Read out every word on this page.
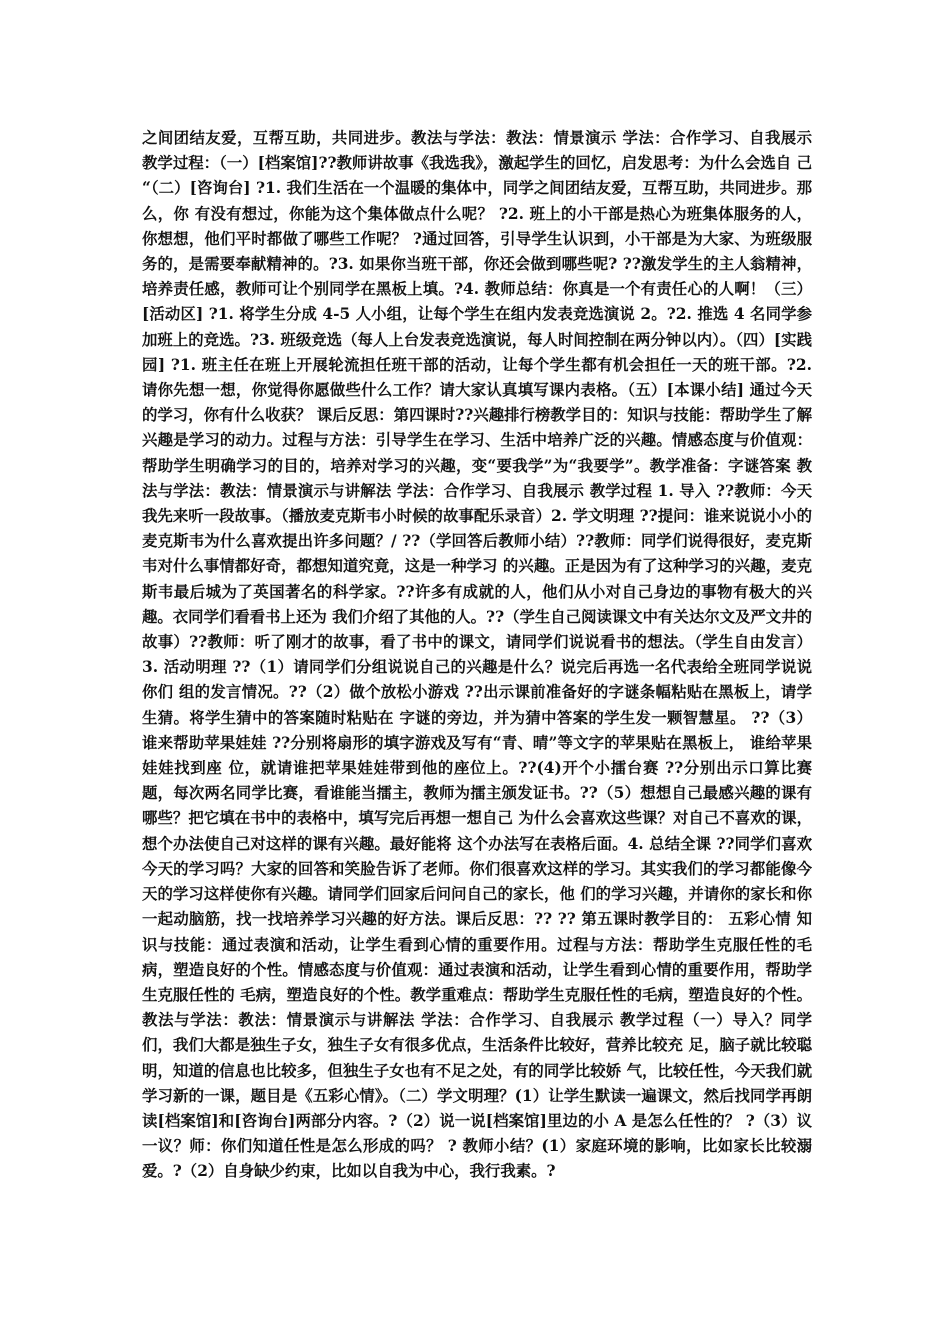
之间团结友爱，互帮互助，共同进步。教法与学法：教法：情景演示 学法：合作学习、自我展示 教学过程：（一）[档案馆]??教师讲故事《我选我》，激起学生的回忆，启发思考：为什么会选自 己 “（二）[咨询台] ?1. 我们生活在一个温暖的集体中，同学之间团结友爱，互帮互助，共同进步。那么，你 有没有想过，你能为这个集体做点什么呢？ ?2. 班上的小干部是热心为班集体服务的人，你想想，他们平时都做了哪些工作呢？ ?通过回答，引导学生认识到，小干部是为大家、为班级服务的，是需要奉献精神的。?3. 如果你当班干部，你还会做到哪些呢? ??激发学生的主人翁精神，培养责任感，教师可让个别同学在黑板上填。?4. 教师总结：你真是一个有责任心的人啊！（三）[活动区] ?1. 将学生分成 4-5 人小组，让每个学生在组内发表竞选演说 2。?2. 推选 4 名同学参加班上的竞选。?3. 班级竞选（每人上台发表竞选演说，每人时间控制在两分钟以内）。（四）[实践园] ?1. 班主任在班上开展轮流担任班干部的活动，让每个学生都有机会担任一天的班干部。?2. 请你先想一想，你觉得你愿做些什么工作？请大家认真填写课内表格。（五）[本课小结] 通过今天的学习，你有什么收获？ 课后反思：第四课时??兴趣排行榜教学目的：知识与技能：帮助学生了解兴趣是学习的动力。过程与方法：引导学生在学习、生活中培养广泛的兴趣。情感态度与价值观：帮助学生明确学习的目的，培养对学习的兴趣，变“要我学”为“我要学”。教学准备：字谜答案 教法与学法：教法：情景演示与讲解法 学法：合作学习、自我展示 教学过程 1. 导入 ??教师：今天我先来听一段故事。（播放麦克斯韦小时候的故事配乐录音）2. 学文明理 ??提问：谁来说说小小的麦克斯韦为什么喜欢提出许多问题？/ ??（学回答后教师小结）??教师：同学们说得很好，麦克斯韦对什么事情都好奇，都想知道究竟，这是一种学习 的兴趣。正是因为有了这种学习的兴趣，麦克斯韦最后城为了英国著名的科学家。??许多有成就的人，他们从小对自己身边的事物有极大的兴趣。衣同学们看看书上还为 我们介绍了其他的人。??（学生自己阅读课文中有关达尔文及严文井的故事）??教师：听了刚才的故事，看了书中的课文，请同学们说说看书的想法。（学生自由发言）3. 活动明理 ??（1）请同学们分组说说自己的兴趣是什么？说完后再选一名代表给全班同学说说你们 组的发言情况。??（2）做个放松小游戏 ??出示课前准备好的字谜条幅粘贴在黑板上，请学生猜。将学生猜中的答案随时粘贴在 字谜的旁边，并为猜中答案的学生发一颗智慧星。 ??（3）谁来帮助苹果娃娃 ??分别将扇形的填字游戏及写有“青、晴”等文字的苹果贴在黑板上， 谁给苹果娃娃找到座 位，就请谁把苹果娃娃带到他的座位上。??(4)开个小擂台赛 ??分别出示口算比赛题，每次两名同学比赛，看谁能当擂主，教师为擂主颁发证书。??（5）想想自己最感兴趣的课有哪些？把它填在书中的表格中，填写完后再想一想自己 为什么会喜欢这些课？对自己不喜欢的课，想个办法使自己对这样的课有兴趣。最好能将 这个办法写在表格后面。4. 总结全课 ??同学们喜欢今天的学习吗？大家的回答和笑脸告诉了老师。你们很喜欢这样的学习。其实我们的学习都能像今天的学习这样使你有兴趣。请同学们回家后问问自己的家长，他 们的学习兴趣，并请你的家长和你一起动脑筋，找一找培养学习兴趣的好方法。课后反思：?? ?? 第五课时教学目的： 五彩心情 知识与技能：通过表演和活动，让学生看到心情的重要作用。过程与方法：帮助学生克服任性的毛病，塑造良好的个性。情感态度与价值观：通过表演和活动，让学生看到心情的重要作用，帮助学生克服任性的 毛病，塑造良好的个性。教学重难点：帮助学生克服任性的毛病，塑造良好的个性。教法与学法：教法：情景演示与讲解法 学法：合作学习、自我展示 教学过程（一）导入？同学们，我们大都是独生子女，独生子女有很多优点，生活条件比较好，营养比较充 足，脑子就比较聪明，知道的信息也比较多，但独生子女也有不足之处，有的同学比较娇 气，比较任性，今天我们就学习新的一课，题目是《五彩心情》。（二）学文明理？(1）让学生默读一遍课文，然后找同学再朗读[档案馆]和[咨询台]两部分内容。?（2）说一说[档案馆]里边的小 A 是怎么任性的？ ?（3）议一议？师：你们知道任性是怎么形成的吗？ ? 教师小结？(1）家庭环境的影响，比如家长比较溺爱。?（2）自身缺少约束，比如以自我为中心，我行我素。?
